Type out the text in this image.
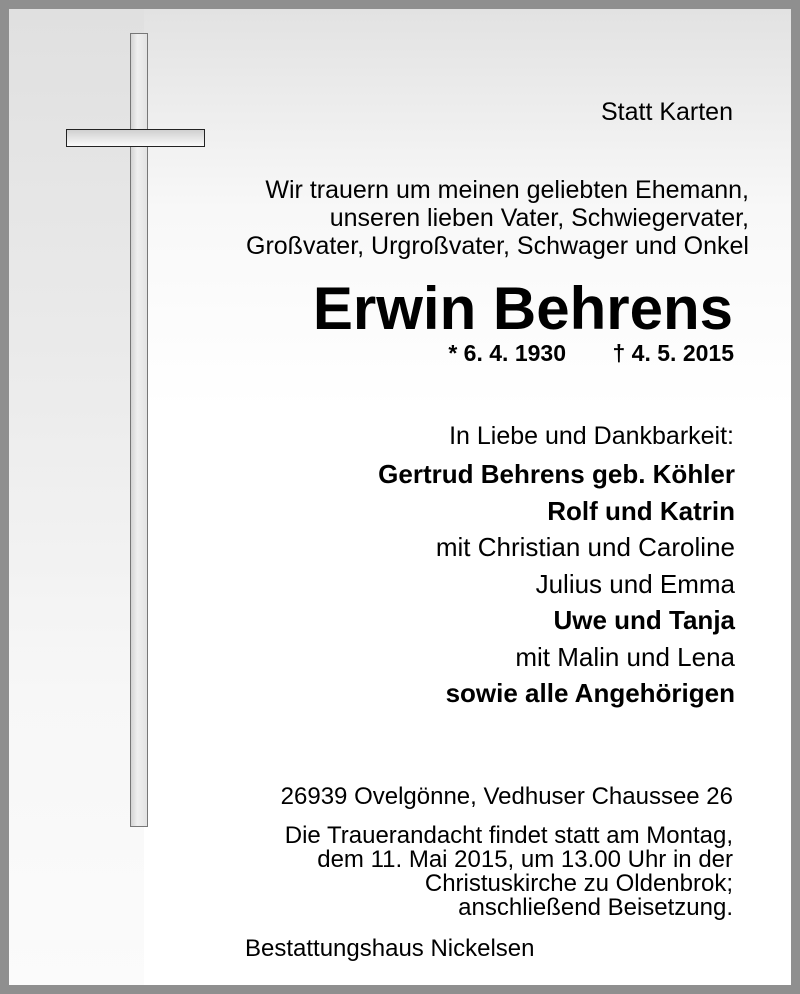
Statt Karten
Wir trauern um meinen geliebten Ehemann,
unseren lieben Vater, Schwiegervater,
Großvater, Urgroßvater, Schwager und Onkel
Erwin Behrens
* 6. 4. 1930 † 4. 5. 2015
In Liebe und Dankbarkeit:
Gertrud Behrens geb. Köhler
Rolf und Katrin
mit Christian und Caroline
Julius und Emma
Uwe und Tanja
mit Malin und Lena
sowie alle Angehörigen
26939 Ovelgönne, Vedhuser Chaussee 26
Die Trauerandacht findet statt am Montag,
dem 11. Mai 2015, um 13.00 Uhr in der
Christuskirche zu Oldenbrok;
anschließend Beisetzung.
Bestattungshaus Nickelsen
